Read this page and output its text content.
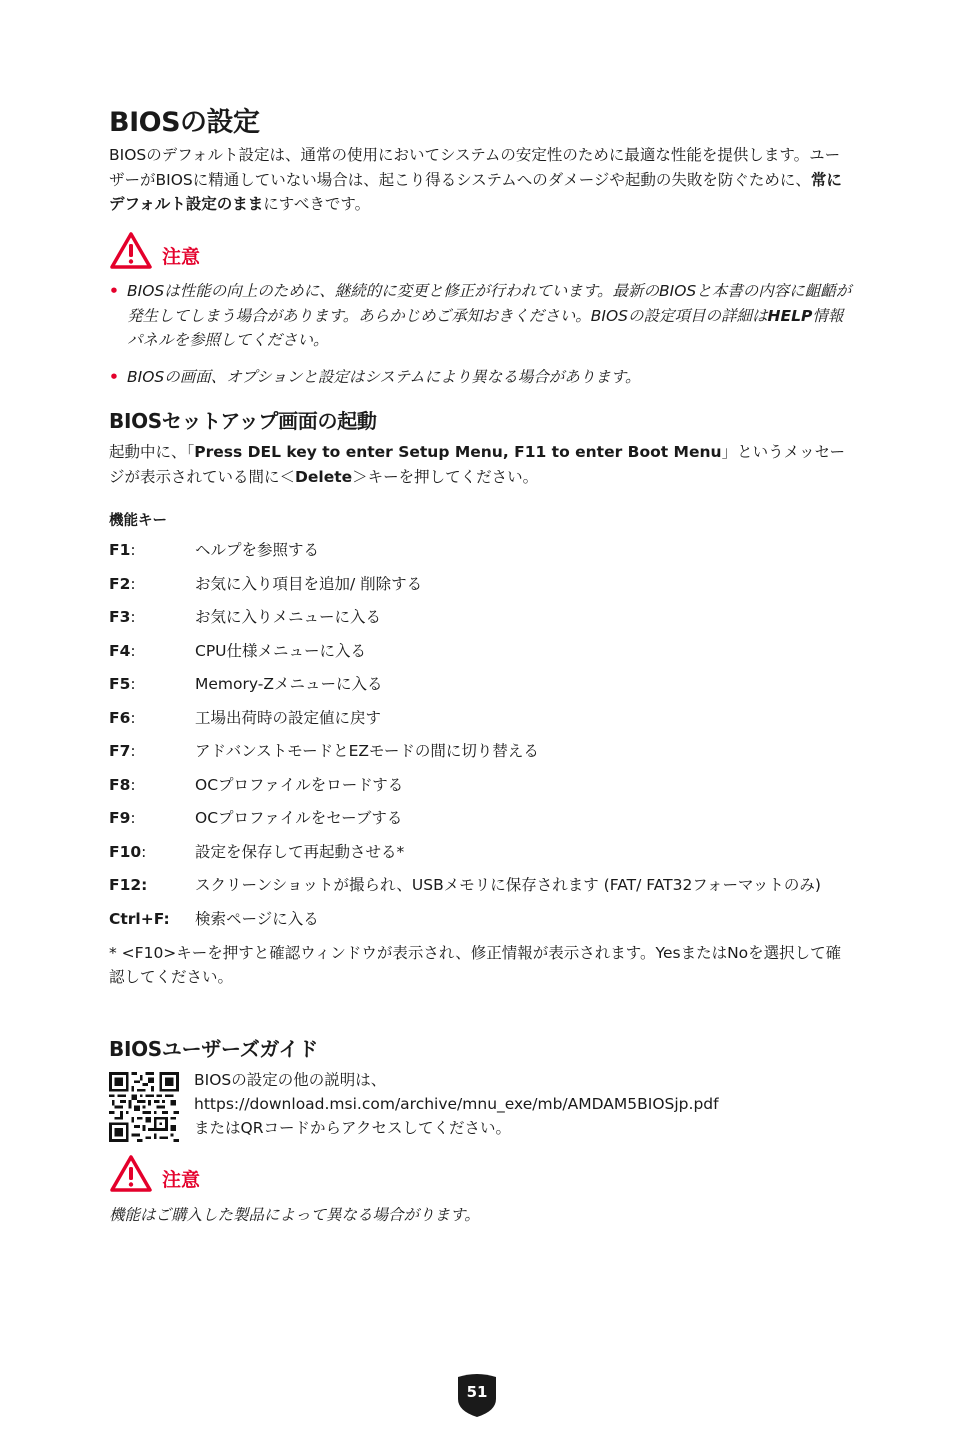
BIOSの設定

BIOSのデフォルト設定は、通常の使用においてシステムの安定性のために最適な性能を提供します。ユーザーがBIOSに精通していない場合は、起こり得るシステムへのダメージや起動の失敗を防ぐために、常にデフォルト設定のままにすべきです。

注意
• BIOSは性能の向上のために、継続的に変更と修正が行われています。最新のBIOSと本書の内容に齟齬が発生してしまう場合があります。あらかじめご承知おきください。BIOSの設定項目の詳細はHELP情報パネルを参照してください。
• BIOSの画面、オプションと設定はシステムにより異なる場合があります。
BIOSセットアップ画面の起動

起動中に、「Press DEL key to enter Setup Menu, F11 to enter Boot Menu」というメッセージが表示されている間に＜Delete＞キーを押してください。

機能キー

F1:	ヘルプを参照する
F2:	お気に入り項目を追加/ 削除する
F3:	お気に入りメニューに入る
F4:	CPU仕様メニューに入る
F5:	Memory-Zメニューに入る
F6:	工場出荷時の設定値に戻す
F7:	アドバンストモードとEZモードの間に切り替える
F8:	OCプロファイルをロードする
F9:	OCプロファイルをセーブする
F10:	設定を保存して再起動させる*
F12:	スクリーンショットが撮られ、USBメモリに保存されます (FAT/ FAT32フォーマットのみ)
Ctrl+F:	検索ページに入る

* <F10>キーを押すと確認ウィンドウが表示され、修正情報が表示されます。YesまたはNoを選択して確認してください。

BIOSユーザーズガイド

BIOSの設定の他の説明は、
https://download.msi.com/archive/mnu_exe/mb/AMDAM5BIOSjp.pdf
またはQRコードからアクセスしてください。

注意

機能はご購入した製品によって異なる場合がります。

51
